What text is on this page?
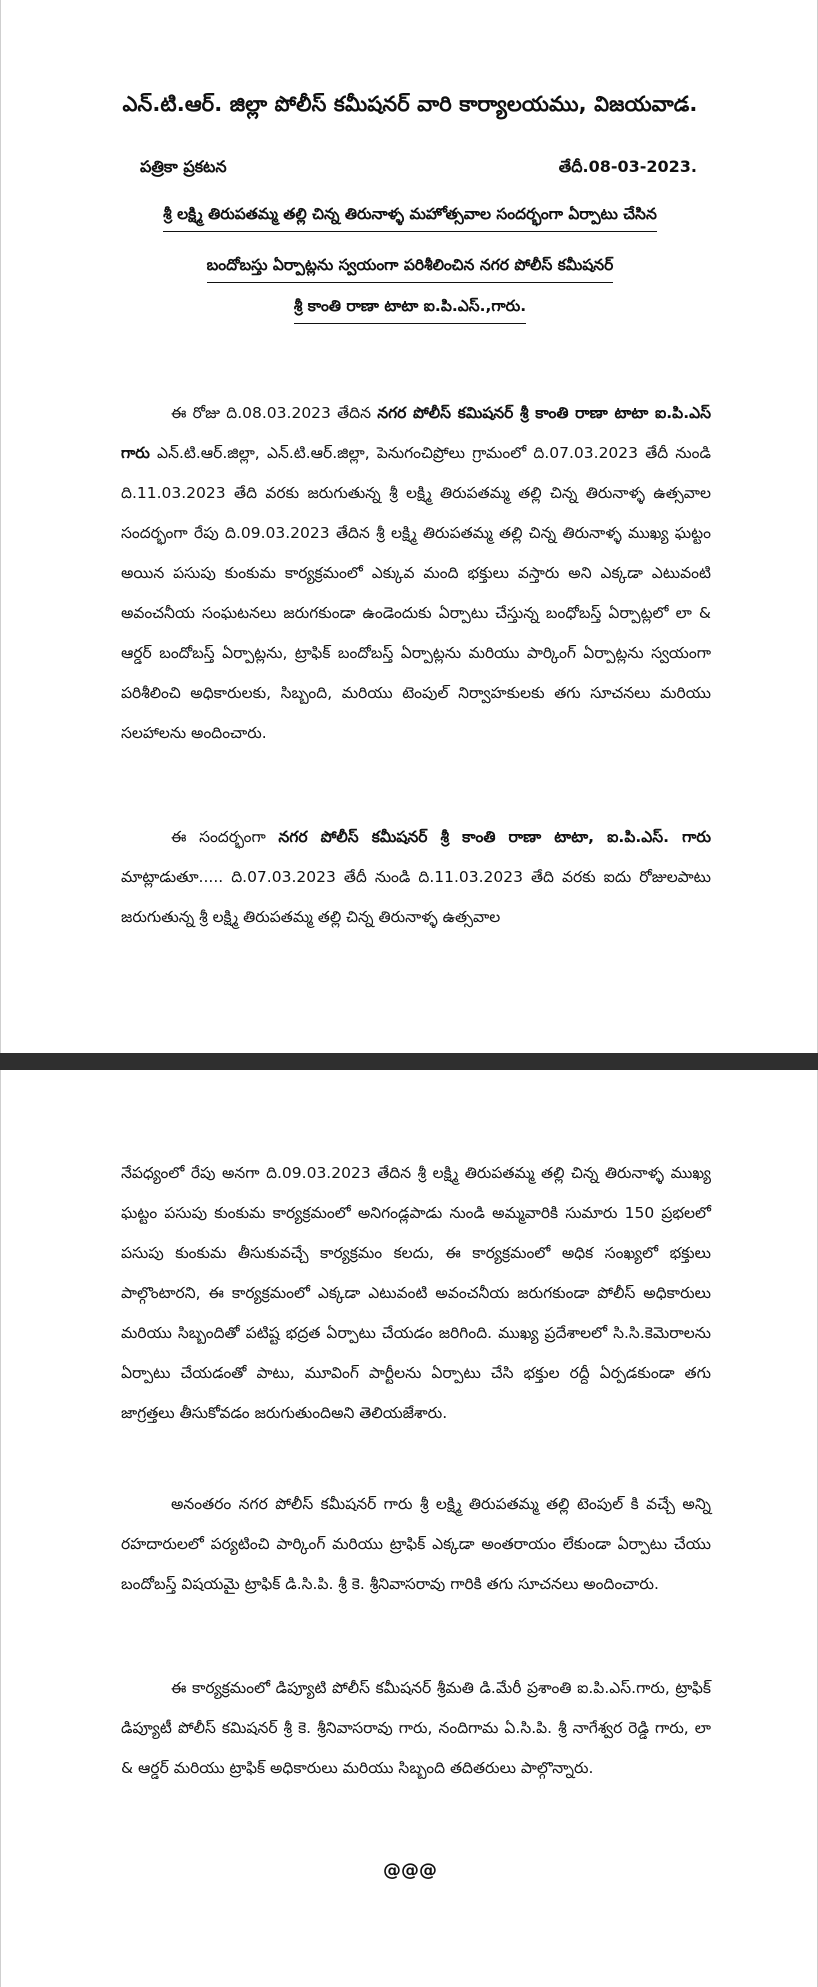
ఎన్.టి.ఆర్. జిల్లా పోలీస్ కమీషనర్ వారి కార్యాలయము, విజయవాడ.
పత్రికా ప్రకటన	తేదీ.08-03-2023.
శ్రీ లక్ష్మి తిరుపతమ్మ తల్లి చిన్న తిరునాళ్ళ మహోత్సవాల సందర్భంగా ఏర్పాటు చేసిన
బందోబస్తు ఏర్పాట్లను స్వయంగా పరిశీలించిన నగర పోలీస్ కమీషనర్
శ్రీ కాంతి రాణా టాటా ఐ.పి.ఎస్.,గారు.

ఈ రోజు ది.08.03.2023 తేదిన నగర పోలీస్ కమిషనర్ శ్రీ కాంతి రాణా టాటా ఐ.పి.ఎస్ గారు ఎన్.టి.ఆర్.జిల్లా, ఎన్.టి.ఆర్.జిల్లా, పెనుగంచిప్రోలు గ్రామంలో ది.07.03.2023 తేదీ నుండి ది.11.03.2023 తేది వరకు జరుగుతున్న శ్రీ లక్ష్మి తిరుపతమ్మ తల్లి చిన్న తిరునాళ్ళ ఉత్సవాల సందర్భంగా రేపు ది.09.03.2023 తేదిన శ్రీ లక్ష్మి తిరుపతమ్మ తల్లి చిన్న తిరునాళ్ళ ముఖ్య ఘట్టం అయిన పసుపు కుంకుమ కార్యక్రమంలో ఎక్కువ మంది భక్తులు వస్తారు అని ఎక్కడా ఎటువంటి అవంచనీయ సంఘటనలు జరుగకుండా ఉండెందుకు ఏర్పాటు చేస్తున్న బంధోబస్త్ ఏర్పాట్లలో లా & ఆర్డర్ బందోబస్త్ ఏర్పాట్లను, ట్రాఫిక్ బందోబస్త్ ఏర్పాట్లను మరియు పార్కింగ్ ఏర్పాట్లను స్వయంగా పరిశీలించి అధికారులకు, సిబ్బంది, మరియు టెంపుల్ నిర్వాహకులకు తగు సూచనలు మరియు సలహాలను అందించారు.

ఈ సందర్భంగా నగర పోలీస్ కమీషనర్ శ్రీ కాంతి రాణా టాటా, ఐ.పి.ఎస్. గారు మాట్లాడుతూ..... ది.07.03.2023 తేదీ నుండి ది.11.03.2023 తేది వరకు ఐదు రోజులపాటు జరుగుతున్న శ్రీ లక్ష్మి తిరుపతమ్మ తల్లి చిన్న తిరునాళ్ళ ఉత్సవాల

నేపధ్యంలో రేపు అనగా ది.09.03.2023 తేదిన శ్రీ లక్ష్మి తిరుపతమ్మ తల్లి చిన్న తిరునాళ్ళ ముఖ్య ఘట్టం పసుపు కుంకుమ కార్యక్రమంలో అనిగండ్లపాడు నుండి అమ్మవారికి సుమారు 150 ప్రభలలో పసుపు కుంకుమ తీసుకువచ్చే కార్యక్రమం కలదు, ఈ కార్యక్రమంలో అధిక సంఖ్యలో భక్తులు పాల్గొంటారని, ఈ కార్యక్రమంలో ఎక్కడా ఎటువంటి అవంచనీయ జరుగకుండా పోలీస్ అధికారులు మరియు సిబ్బందితో పటిష్ట భద్రత ఏర్పాటు చేయడం జరిగింది. ముఖ్య ప్రదేశాలలో సి.సి.కెమెరాలను ఏర్పాటు చేయడంతో పాటు, మూవింగ్ పార్టీలను ఏర్పాటు చేసి భక్తుల రద్దీ ఏర్పడకుండా తగు జాగ్రత్తలు తీసుకోవడం జరుగుతుందిఅని తెలియజేశారు.

అనంతరం నగర పోలీస్ కమీషనర్ గారు శ్రీ లక్ష్మి తిరుపతమ్మ తల్లి టెంపుల్ కి వచ్చే అన్ని రహదారులలో పర్యటించి పార్కింగ్ మరియు ట్రాఫిక్ ఎక్కడా అంతరాయం లేకుండా ఏర్పాటు చేయు బందోబస్త్ విషయమై ట్రాఫిక్ డి.సి.పి. శ్రీ కె. శ్రీనివాసరావు గారికి తగు సూచనలు అందించారు.

ఈ కార్యక్రమంలో డిప్యూటి పోలీస్ కమీషనర్ శ్రీమతి డి.మేరీ ప్రశాంతి ఐ.పి.ఎస్.గారు, ట్రాఫిక్ డిప్యూటీ పోలీస్ కమిషనర్ శ్రీ కె. శ్రీనివాసరావు గారు, నందిగామ ఏ.సి.పి. శ్రీ నాగేశ్వర రెడ్డి గారు, లా & ఆర్డర్ మరియు ట్రాఫిక్ అధికారులు మరియు సిబ్బంది తదితరులు పాల్గొన్నారు.

@@@
